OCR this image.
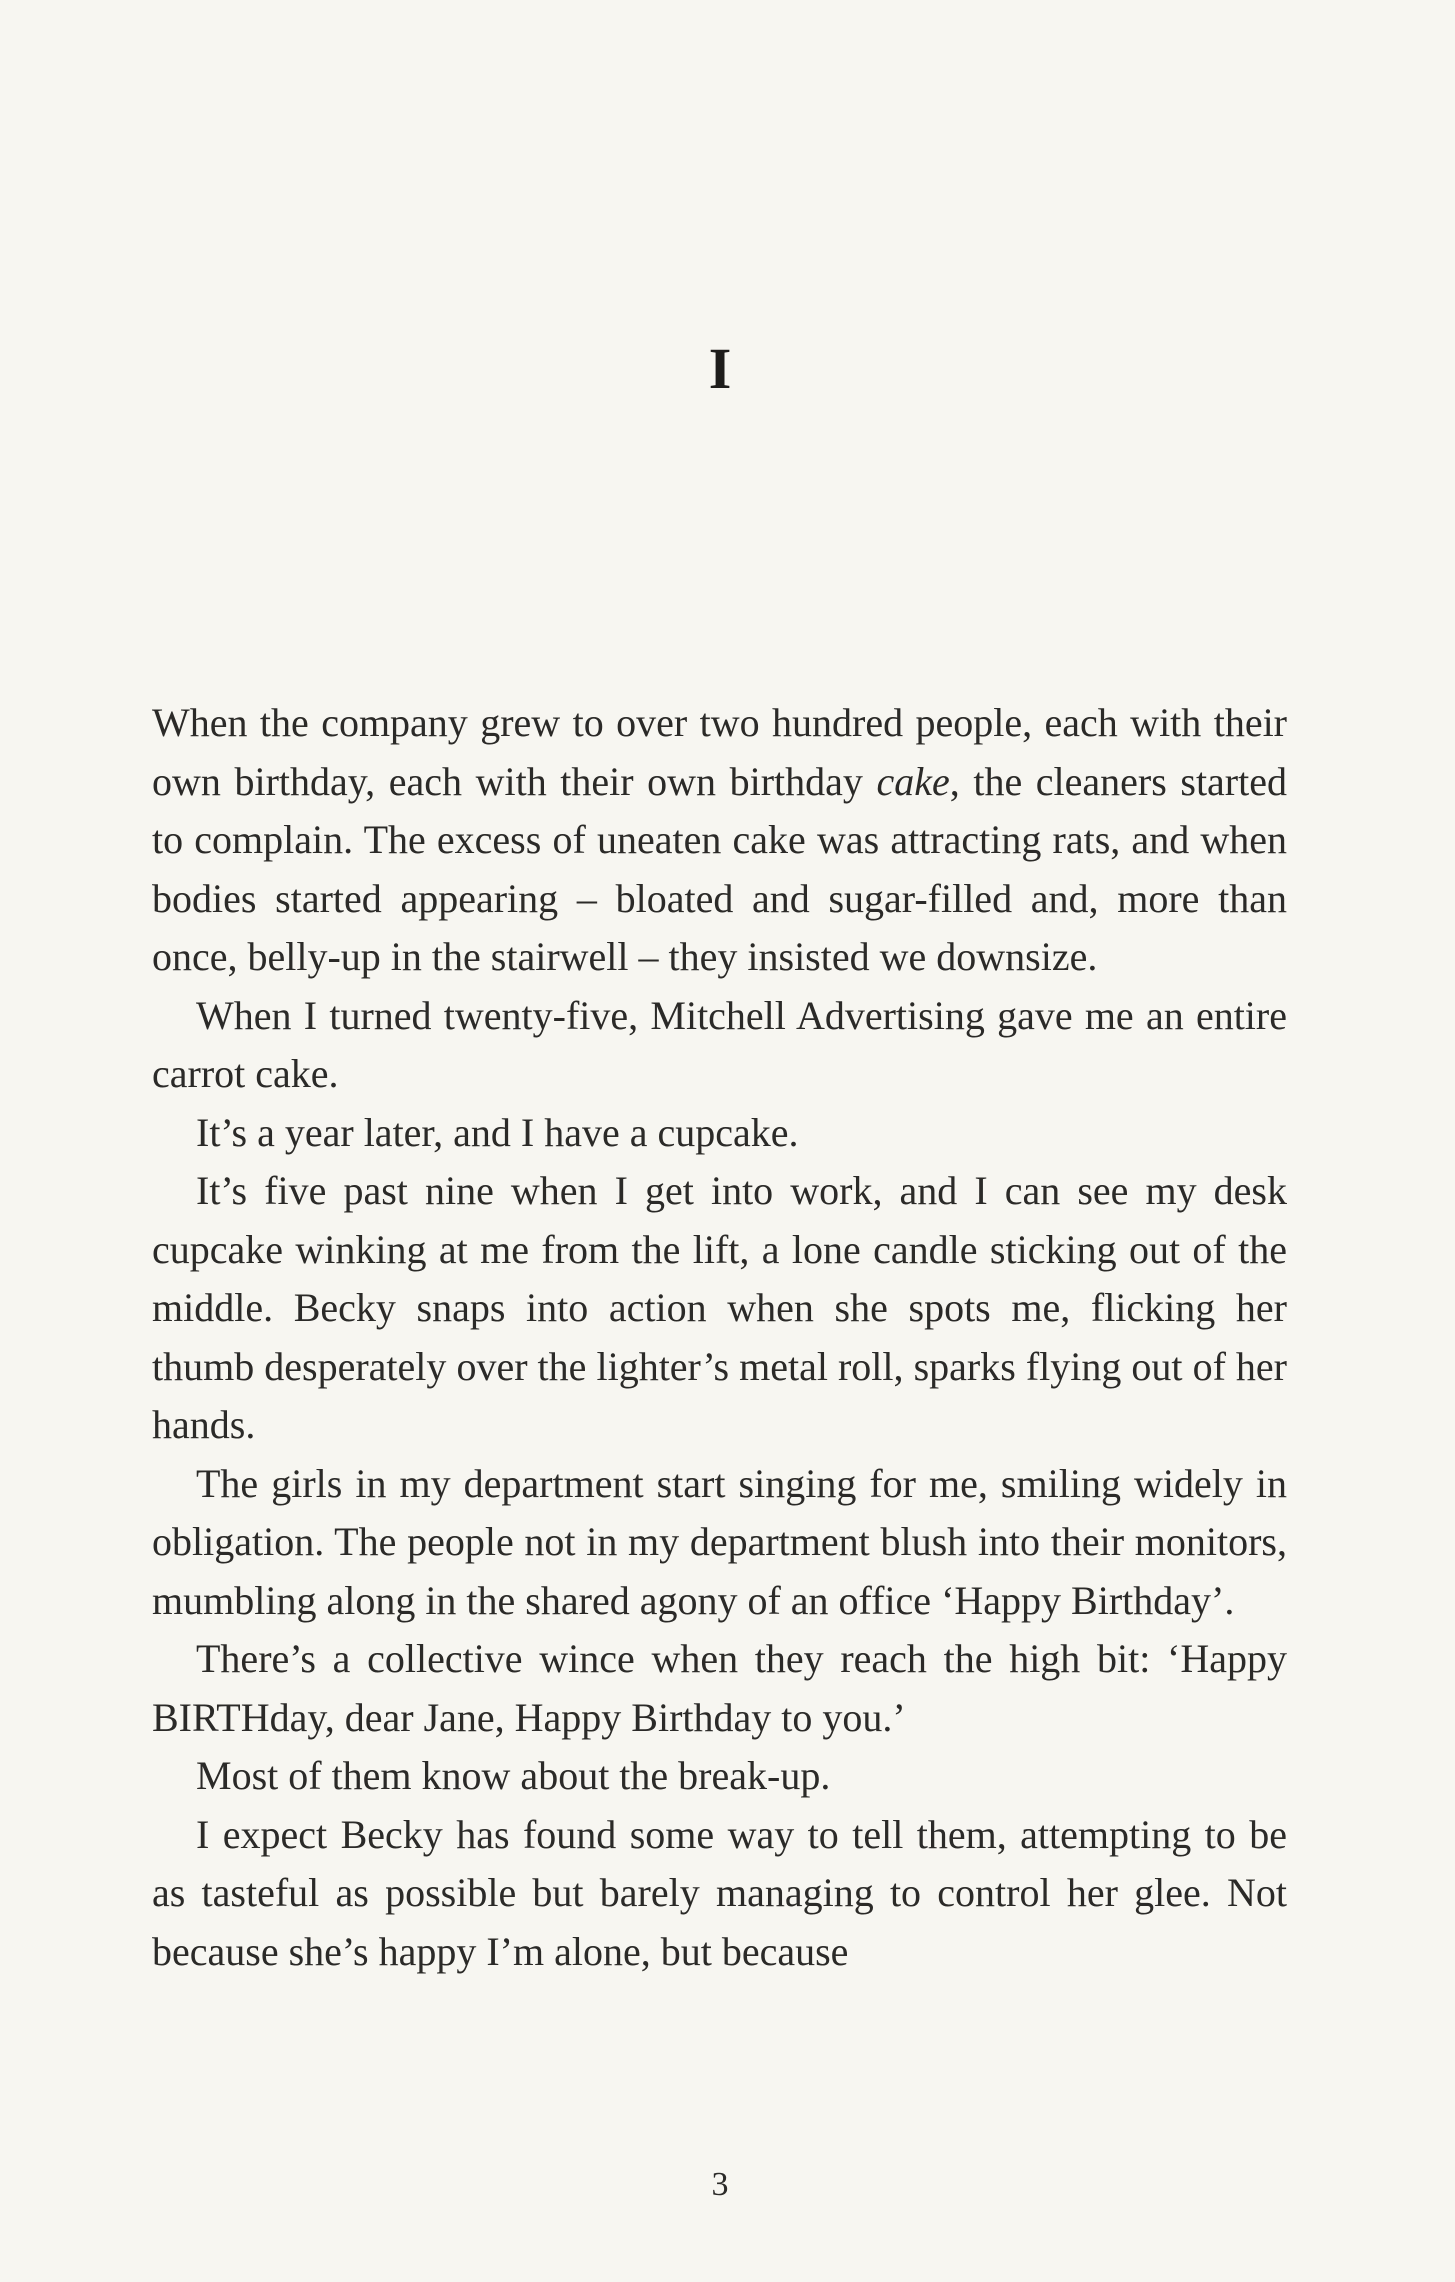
I

When the company grew to over two hundred people, each with their own birthday, each with their own birthday cake, the cleaners started to complain. The excess of uneaten cake was attracting rats, and when bodies started appearing – bloated and sugar-filled and, more than once, belly-up in the stairwell – they insisted we downsize.

When I turned twenty-five, Mitchell Advertising gave me an entire carrot cake.

It’s a year later, and I have a cupcake.

It’s five past nine when I get into work, and I can see my desk cupcake winking at me from the lift, a lone candle sticking out of the middle. Becky snaps into action when she spots me, flicking her thumb desperately over the lighter’s metal roll, sparks flying out of her hands.

The girls in my department start singing for me, smiling widely in obligation. The people not in my department blush into their monitors, mumbling along in the shared agony of an office ‘Happy Birthday’.

There’s a collective wince when they reach the high bit: ‘Happy BIRTHday, dear Jane, Happy Birthday to you.’

Most of them know about the break-up.

I expect Becky has found some way to tell them, attempting to be as tasteful as possible but barely managing to control her glee. Not because she’s happy I’m alone, but because

3
